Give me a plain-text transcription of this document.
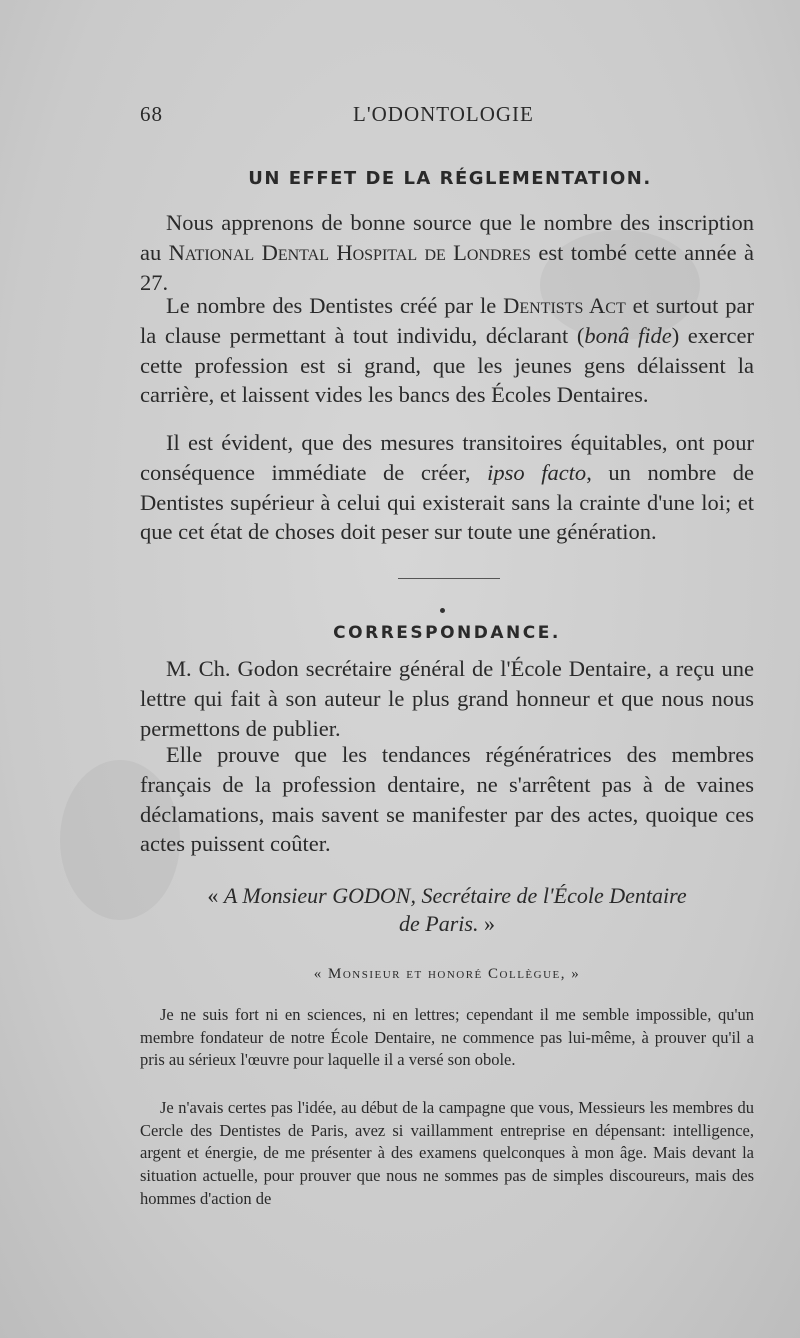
68	L'ODONTOLOGIE
UN EFFET DE LA RÉGLEMENTATION.

Nous apprenons de bonne source que le nombre des inscription au National Dental Hospital de Londres est tombé cette année à 27.

Le nombre des Dentistes créé par le Dentists Act et surtout par la clause permettant à tout individu, déclarant (bonâ fide) exercer cette profession est si grand, que les jeunes gens délaissent la carrière, et laissent vides les bancs des Écoles Dentaires.

Il est évident, que des mesures transitoires équitables, ont pour conséquence immédiate de créer, ipso facto, un nombre de Dentistes supérieur à celui qui existerait sans la crainte d'une loi; et que cet état de choses doit peser sur toute une génération.

CORRESPONDANCE.

M. Ch. Godon secrétaire général de l'École Dentaire, a reçu une lettre qui fait à son auteur le plus grand honneur et que nous nous permettons de publier.

Elle prouve que les tendances régénératrices des membres français de la profession dentaire, ne s'arrêtent pas à de vaines déclamations, mais savent se manifester par des actes, quoique ces actes puissent coûter.

« A Monsieur GODON, Secrétaire de l'École Dentaire
de Paris. »
« Monsieur et honoré Collègue, »

Je ne suis fort ni en sciences, ni en lettres; cependant il me semble impossible, qu'un membre fondateur de notre École Dentaire, ne commence pas lui-même, à prouver qu'il a pris au sérieux l'œuvre pour laquelle il a versé son obole.

Je n'avais certes pas l'idée, au début de la campagne que vous, Messieurs les membres du Cercle des Dentistes de Paris, avez si vaillamment entreprise en dépensant: intelligence, argent et énergie, de me présenter à des examens quelconques à mon âge. Mais devant la situation actuelle, pour prouver que nous ne sommes pas de simples discoureurs, mais des hommes d'action de
